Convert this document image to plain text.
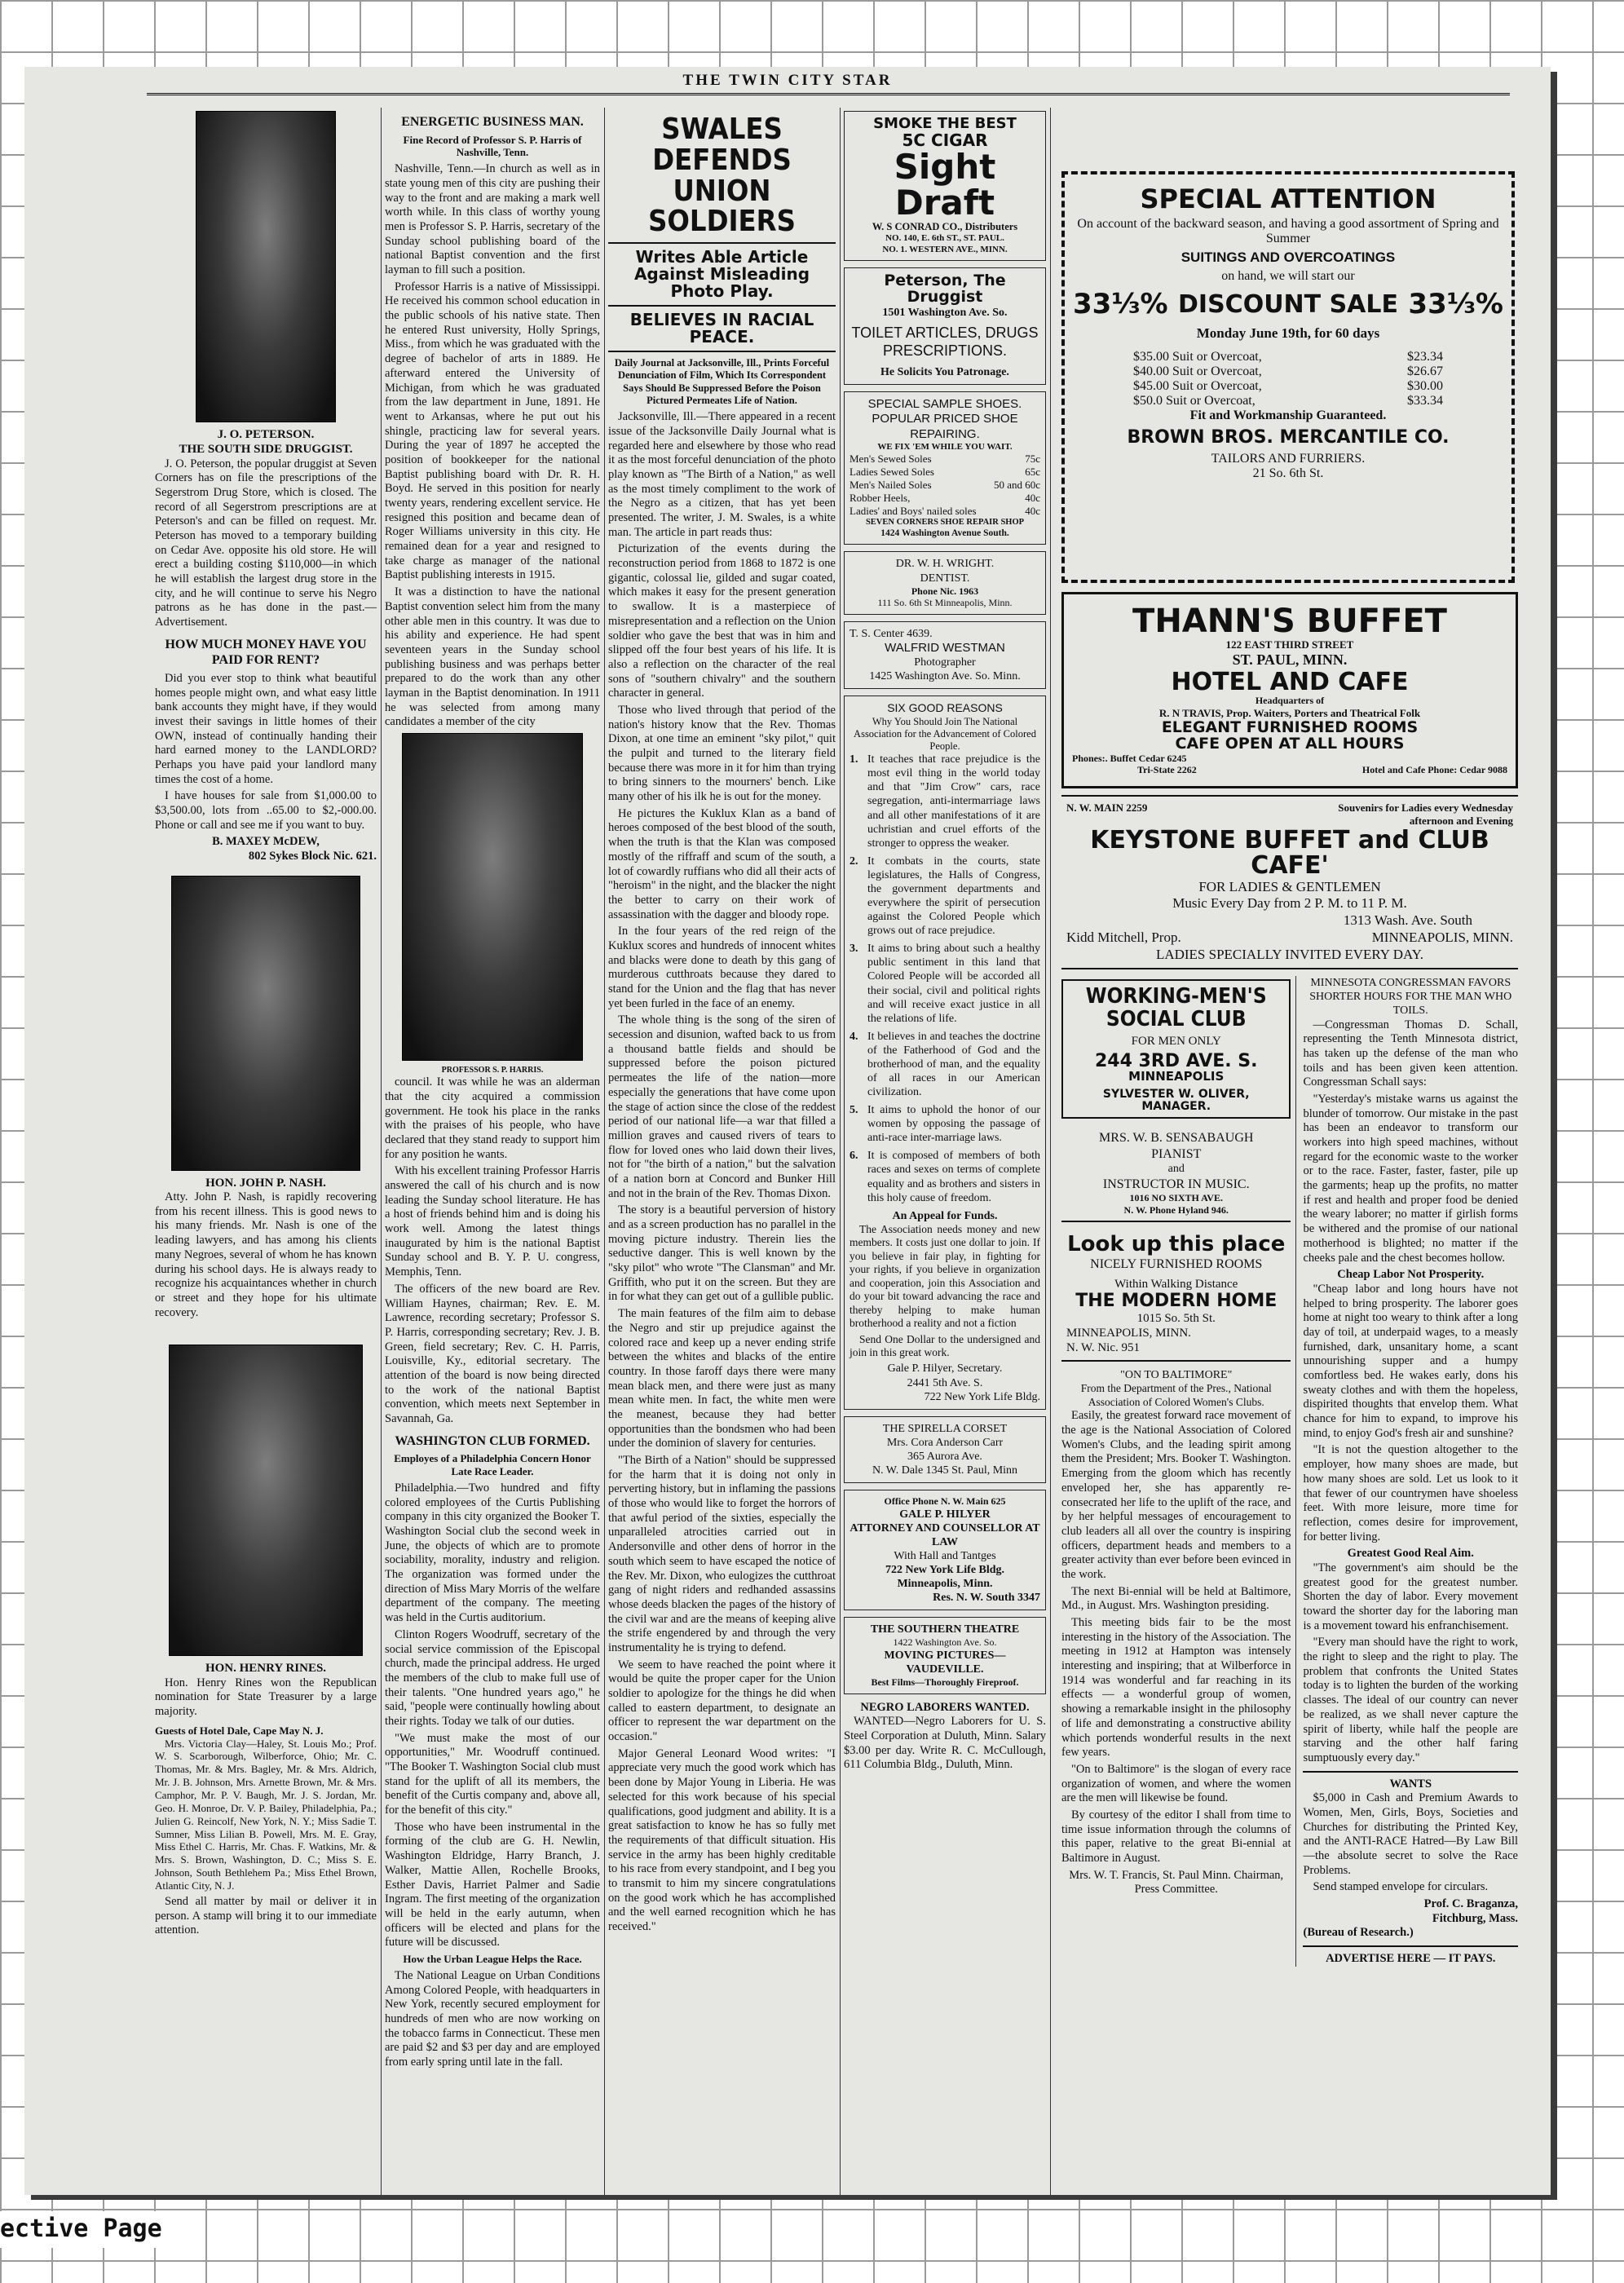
THE TWIN CITY STAR
J. O. PETERSON.
THE SOUTH SIDE DRUGGIST.

J. O. Peterson, the popular druggist at Seven Corners has on file the prescriptions of the Segerstrom Drug Store, which is closed. The record of all Segerstrom prescriptions are at Peterson's and can be filled on request. Mr. Peterson has moved to a temporary building on Cedar Ave. opposite his old store. He will erect a building costing $110,000—in which he will establish the largest drug store in the city, and he will continue to serve his Negro patrons as he has done in the past.—Advertisement.

HOW MUCH MONEY HAVE YOU PAID FOR RENT?

Did you ever stop to think what beautiful homes people might own, and what easy little bank accounts they might have, if they would invest their savings in little homes of their OWN, instead of continually handing their hard earned money to the LANDLORD? Perhaps you have paid your landlord many times the cost of a home.

I have houses for sale from $1,000.00 to $3,500.00, lots from ..65.00 to $2,-000.00. Phone or call and see me if you want to buy.

B. MAXEY McDEW,
802 Sykes Block Nic. 621.
HON. JOHN P. NASH.

Atty. John P. Nash, is rapidly recovering from his recent illness. This is good news to his many friends. Mr. Nash is one of the leading lawyers, and has among his clients many Negroes, several of whom he has known during his school days. He is always ready to recognize his acquaintances whether in church or street and they hope for his ultimate recovery.

HON. HENRY RINES.

Hon. Henry Rines won the Republican nomination for State Treasurer by a large majority.

Guests of Hotel Dale, Cape May N. J.

Mrs. Victoria Clay—Haley, St. Louis Mo.; Prof. W. S. Scarborough, Wilberforce, Ohio; Mr. C. Thomas, Mr. & Mrs. Bagley, Mr. & Mrs. Aldrich, Mr. J. B. Johnson, Mrs. Arnette Brown, Mr. & Mrs. Camphor, Mr. P. V. Baugh, Mr. J. S. Jordan, Mr. Geo. H. Monroe, Dr. V. P. Bailey, Philadelphia, Pa.; Julien G. Reincolf, New York, N. Y.; Miss Sadie T. Sumner, Miss Lilian B. Powell, Mrs. M. E. Gray, Miss Ethel C. Harris, Mr. Chas. F. Watkins, Mr. & Mrs. S. Brown, Washington, D. C.; Miss S. E. Johnson, South Bethlehem Pa.; Miss Ethel Brown, Atlantic City, N. J.

Send all matter by mail or deliver it in person. A stamp will bring it to our immediate attention.

ENERGETIC BUSINESS MAN.
Fine Record of Professor S. P. Harris of Nashville, Tenn.

Nashville, Tenn.—In church as well as in state young men of this city are pushing their way to the front and are making a mark well worth while. In this class of worthy young men is Professor S. P. Harris, secretary of the Sunday school publishing board of the national Baptist convention and the first layman to fill such a position.

Professor Harris is a native of Mississippi. He received his common school education in the public schools of his native state. Then he entered Rust university, Holly Springs, Miss., from which he was graduated with the degree of bachelor of arts in 1889. He afterward entered the University of Michigan, from which he was graduated from the law department in June, 1891. He went to Arkansas, where he put out his shingle, practicing law for several years. During the year of 1897 he accepted the position of bookkeeper for the national Baptist publishing board with Dr. R. H. Boyd. He served in this position for nearly twenty years, rendering excellent service. He resigned this position and became dean of Roger Williams university in this city. He remained dean for a year and resigned to take charge as manager of the national Baptist publishing interests in 1915.

It was a distinction to have the national Baptist convention select him from the many other able men in this country. It was due to his ability and experience. He had spent seventeen years in the Sunday school publishing business and was perhaps better prepared to do the work than any other layman in the Baptist denomination. In 1911 he was selected from among many candidates a member of the city

PROFESSOR S. P. HARRIS.

council. It was while he was an alderman that the city acquired a commission government. He took his place in the ranks with the praises of his people, who have declared that they stand ready to support him for any position he wants.

With his excellent training Professor Harris answered the call of his church and is now leading the Sunday school literature. He has a host of friends behind him and is doing his work well. Among the latest things inaugurated by him is the national Baptist Sunday school and B. Y. P. U. congress, Memphis, Tenn.

The officers of the new board are Rev. William Haynes, chairman; Rev. E. M. Lawrence, recording secretary; Professor S. P. Harris, corresponding secretary; Rev. J. B. Green, field secretary; Rev. C. H. Parris, Louisville, Ky., editorial secretary. The attention of the board is now being directed to the work of the national Baptist convention, which meets next September in Savannah, Ga.

WASHINGTON CLUB FORMED.
Employes of a Philadelphia Concern Honor Late Race Leader.

Philadelphia.—Two hundred and fifty colored employees of the Curtis Publishing company in this city organized the Booker T. Washington Social club the second week in June, the objects of which are to promote sociability, morality, industry and religion. The organization was formed under the direction of Miss Mary Morris of the welfare department of the company. The meeting was held in the Curtis auditorium.

Clinton Rogers Woodruff, secretary of the social service commission of the Episcopal church, made the principal address. He urged the members of the club to make full use of their talents. "One hundred years ago," he said, "people were continually howling about their rights. Today we talk of our duties.

"We must make the most of our opportunities," Mr. Woodruff continued. "The Booker T. Washington Social club must stand for the uplift of all its members, the benefit of the Curtis company and, above all, for the benefit of this city."

Those who have been instrumental in the forming of the club are G. H. Newlin, Washington Eldridge, Harry Branch, J. Walker, Mattie Allen, Rochelle Brooks, Esther Davis, Harriet Palmer and Sadie Ingram. The first meeting of the organization will be held in the early autumn, when officers will be elected and plans for the future will be discussed.

How the Urban League Helps the Race.

The National League on Urban Conditions Among Colored People, with headquarters in New York, recently secured employment for hundreds of men who are now working on the tobacco farms in Connecticut. These men are paid $2 and $3 per day and are employed from early spring until late in the fall.

SWALES DEFENDS UNION SOLDIERS
Writes Able Article Against Misleading Photo Play.
BELIEVES IN RACIAL PEACE.
Daily Journal at Jacksonville, Ill., Prints Forceful Denunciation of Film, Which Its Correspondent Says Should Be Suppressed Before the Poison Pictured Permeates Life of Nation.

Jacksonville, Ill.—There appeared in a recent issue of the Jacksonville Daily Journal what is regarded here and elsewhere by those who read it as the most forceful denunciation of the photo play known as "The Birth of a Nation," as well as the most timely compliment to the work of the Negro as a citizen, that has yet been presented. The writer, J. M. Swales, is a white man. The article in part reads thus:

Picturization of the events during the reconstruction period from 1868 to 1872 is one gigantic, colossal lie, gilded and sugar coated, which makes it easy for the present generation to swallow. It is a masterpiece of misrepresentation and a reflection on the Union soldier who gave the best that was in him and slipped off the four best years of his life. It is also a reflection on the character of the real sons of "southern chivalry" and the southern character in general.

Those who lived through that period of the nation's history know that the Rev. Thomas Dixon, at one time an eminent "sky pilot," quit the pulpit and turned to the literary field because there was more in it for him than trying to bring sinners to the mourners' bench. Like many other of his ilk he is out for the money.

He pictures the Kuklux Klan as a band of heroes composed of the best blood of the south, when the truth is that the Klan was composed mostly of the riffraff and scum of the south, a lot of cowardly ruffians who did all their acts of "heroism" in the night, and the blacker the night the better to carry on their work of assassination with the dagger and bloody rope.

In the four years of the red reign of the Kuklux scores and hundreds of innocent whites and blacks were done to death by this gang of murderous cutthroats because they dared to stand for the Union and the flag that has never yet been furled in the face of an enemy.

The whole thing is the song of the siren of secession and disunion, wafted back to us from a thousand battle fields and should be suppressed before the poison pictured permeates the life of the nation—more especially the generations that have come upon the stage of action since the close of the reddest period of our national life—a war that filled a million graves and caused rivers of tears to flow for loved ones who laid down their lives, not for "the birth of a nation," but the salvation of a nation born at Concord and Bunker Hill and not in the brain of the Rev. Thomas Dixon.

The story is a beautiful perversion of history and as a screen production has no parallel in the moving picture industry. Therein lies the seductive danger. This is well known by the "sky pilot" who wrote "The Clansman" and Mr. Griffith, who put it on the screen. But they are in for what they can get out of a gullible public.

The main features of the film aim to debase the Negro and stir up prejudice against the colored race and keep up a never ending strife between the whites and blacks of the entire country. In those faroff days there were many mean black men, and there were just as many mean white men. In fact, the white men were the meanest, because they had better opportunities than the bondsmen who had been under the dominion of slavery for centuries.

"The Birth of a Nation" should be suppressed for the harm that it is doing not only in perverting history, but in inflaming the passions of those who would like to forget the horrors of that awful period of the sixties, especially the unparalleled atrocities carried out in Andersonville and other dens of horror in the south which seem to have escaped the notice of the Rev. Mr. Dixon, who eulogizes the cutthroat gang of night riders and redhanded assassins whose deeds blacken the pages of the history of the civil war and are the means of keeping alive the strife engendered by and through the very instrumentality he is trying to defend.

We seem to have reached the point where it would be quite the proper caper for the Union soldier to apologize for the things he did when called to eastern department, to designate an officer to represent the war department on the occasion."

Major General Leonard Wood writes: "I appreciate very much the good work which has been done by Major Young in Liberia. He was selected for this work because of his special qualifications, good judgment and ability. It is a great satisfaction to know he has so fully met the requirements of that difficult situation. His service in the army has been highly creditable to his race from every standpoint, and I beg you to transmit to him my sincere congratulations on the good work which he has accomplished and the well earned recognition which he has received."

SMOKE THE BEST
5C CIGAR
Sight Draft
W. S CONRAD CO., Distributers
NO. 140, E. 6th ST., ST. PAUL.
NO. 1. WESTERN AVE., MINN.
Peterson, The Druggist
1501 Washington Ave. So.
TOILET ARTICLES, DRUGS PRESCRIPTIONS.
He Solicits You Patronage.
SPECIAL SAMPLE SHOES.
POPULAR PRICED SHOE REPAIRING.
WE FIX 'EM WHILE YOU WAIT.
Men's Sewed Soles	75c
Ladies Sewed Soles	65c
Men's Nailed Soles	50 and 60c
Robber Heels,	40c
Ladies' and Boys' nailed soles	40c
SEVEN CORNERS SHOE REPAIR SHOP
1424 Washington Avenue South.
DR. W. H. WRIGHT.
DENTIST.
Phone Nic. 1963
111 So. 6th St Minneapolis, Minn.
T. S. Center 4639.
WALFRID WESTMAN
Photographer
1425 Washington Ave. So. Minn.
SIX GOOD REASONS
Why You Should Join The National Association for the Advancement of Colored People.
1. It teaches that race prejudice is the most evil thing in the world today and that "Jim Crow" cars, race segregation, anti-intermarriage laws and all other manifestations of it are uchristian and cruel efforts of the stronger to oppress the weaker.
2. It combats in the courts, state legislatures, the Halls of Congress, the government departments and everywhere the spirit of persecution against the Colored People which grows out of race prejudice.
3. It aims to bring about such a healthy public sentiment in this land that Colored People will be accorded all their social, civil and political rights and will receive exact justice in all the relations of life.
4. It believes in and teaches the doctrine of the Fatherhood of God and the brotherhood of man, and the equality of all races in our American civilization.
5. It aims to uphold the honor of our women by opposing the passage of anti-race inter-marriage laws.
6. It is composed of members of both races and sexes on terms of complete equality and as brothers and sisters in this holy cause of freedom.
An Appeal for Funds.

The Association needs money and new members. It costs just one dollar to join. If you believe in fair play, in fighting for your rights, if you believe in organization and cooperation, join this Association and do your bit toward advancing the race and thereby helping to make human brotherhood a reality and not a fiction

Send One Dollar to the undersigned and join in this great work.

Gale P. Hilyer, Secretary.
2441 5th Ave. S.
722 New York Life Bldg.
THE SPIRELLA CORSET
Mrs. Cora Anderson Carr
365 Aurora Ave.
N. W. Dale 1345 St. Paul, Minn
Office Phone N. W. Main 625
GALE P. HILYER
ATTORNEY AND COUNSELLOR AT LAW
With Hall and Tantges
722 New York Life Bldg.
Minneapolis, Minn.
Res. N. W. South 3347
THE SOUTHERN THEATRE
1422 Washington Ave. So.
MOVING PICTURES—VAUDEVILLE.
Best Films—Thoroughly Fireproof.
NEGRO LABORERS WANTED.

WANTED—Negro Laborers for U. S. Steel Corporation at Duluth, Minn. Salary $3.00 per day. Write R. C. McCullough, 611 Columbia Bldg., Duluth, Minn.

SPECIAL ATTENTION
On account of the backward season, and having a good assortment of Spring and Summer
SUITINGS AND OVERCOATINGS
on hand, we will start our
33⅓% DISCOUNT SALE 33⅓%
Monday June 19th, for 60 days
$35.00 Suit or Overcoat,	$23.34
$40.00 Suit or Overcoat,	$26.67
$45.00 Suit or Overcoat,	$30.00
$50.0 Suit or Overcoat,	$33.34
Fit and Workmanship Guaranteed.
BROWN BROS. MERCANTILE CO.
TAILORS AND FURRIERS.
21 So. 6th St.
THANN'S BUFFET
122 EAST THIRD STREET
ST. PAUL, MINN.
HOTEL AND CAFE
Headquarters of
R. N TRAVIS, Prop. Waiters, Porters and Theatrical Folk
ELEGANT FURNISHED ROOMS
CAFE OPEN AT ALL HOURS
Phones:. Buffet Cedar 6245
Tri-State 2262	Hotel and Cafe Phone: Cedar 9088
N. W. MAIN 2259	Souvenirs for Ladies every Wednesday afternoon and Evening
KEYSTONE BUFFET and CLUB CAFE'
FOR LADIES & GENTLEMEN
Music Every Day from 2 P. M. to 11 P. M.
1313 Wash. Ave. South
Kidd Mitchell, Prop.	MINNEAPOLIS, MINN.
LADIES SPECIALLY INVITED EVERY DAY.
WORKING-MEN'S SOCIAL CLUB
FOR MEN ONLY
244 3RD AVE. S.
MINNEAPOLIS
SYLVESTER W. OLIVER, MANAGER.
MRS. W. B. SENSABAUGH
PIANIST
and
INSTRUCTOR IN MUSIC.
1016 NO SIXTH AVE.
N. W. Phone Hyland 946.
Look up this place
NICELY FURNISHED ROOMS
Within Walking Distance
THE MODERN HOME
1015 So. 5th St.
MINNEAPOLIS, MINN.
N. W. Nic. 951
"ON TO BALTIMORE"
From the Department of the Pres., National Association of Colored Women's Clubs.

Easily, the greatest forward race movement of the age is the National Association of Colored Women's Clubs, and the leading spirit among them the President; Mrs. Booker T. Washington. Emerging from the gloom which has recently enveloped her, she has apparently re-consecrated her life to the uplift of the race, and by her helpful messages of encouragement to club leaders all all over the country is inspiring officers, department heads and members to a greater activity than ever before been evinced in the work.

The next Bi-ennial will be held at Baltimore, Md., in August. Mrs. Washington presiding.

This meeting bids fair to be the most interesting in the history of the Association. The meeting in 1912 at Hampton was intensely interesting and inspiring; that at Wilberforce in 1914 was wonderful and far reaching in its effects — a wonderful group of women, showing a remarkable insight in the philosophy of life and demonstrating a constructive ability which portends wonderful results in the next few years.

"On to Baltimore" is the slogan of every race organization of women, and where the women are the men will likewise be found.

By courtesy of the editor I shall from time to time issue information through the columns of this paper, relative to the great Bi-ennial at Baltimore in August.

Mrs. W. T. Francis, St. Paul Minn. Chairman, Press Committee.
MINNESOTA CONGRESSMAN FAVORS SHORTER HOURS FOR THE MAN WHO TOILS.

—Congressman Thomas D. Schall, representing the Tenth Minnesota district, has taken up the defense of the man who toils and has been given keen attention. Congressman Schall says:

"Yesterday's mistake warns us against the blunder of tomorrow. Our mistake in the past has been an endeavor to transform our workers into high speed machines, without regard for the economic waste to the worker or to the race. Faster, faster, faster, pile up the garments; heap up the profits, no matter if rest and health and proper food be denied the weary laborer; no matter if girlish forms be withered and the promise of our national motherhood is blighted; no matter if the cheeks pale and the chest becomes hollow.

Cheap Labor Not Prosperity.

"Cheap labor and long hours have not helped to bring prosperity. The laborer goes home at night too weary to think after a long day of toil, at underpaid wages, to a measly furnished, dark, unsanitary home, a scant unnourishing supper and a humpy comfortless bed. He wakes early, dons his sweaty clothes and with them the hopeless, dispirited thoughts that envelop them. What chance for him to expand, to improve his mind, to enjoy God's fresh air and sunshine?

"It is not the question altogether to the employer, how many shoes are made, but how many shoes are sold. Let us look to it that fewer of our countrymen have shoeless feet. With more leisure, more time for reflection, comes desire for improvement, for better living.

Greatest Good Real Aim.

"The government's aim should be the greatest good for the greatest number. Shorten the day of labor. Every movement toward the shorter day for the laboring man is a movement toward his enfranchisement.

"Every man should have the right to work, the right to sleep and the right to play. The problem that confronts the United States today is to lighten the burden of the working classes. The ideal of our country can never be realized, as we shall never capture the spirit of liberty, while half the people are starving and the other half faring sumptuously every day."

WANTS

$5,000 in Cash and Premium Awards to Women, Men, Girls, Boys, Societies and Churches for distributing the Printed Key, and the ANTI-RACE Hatred—By Law Bill—the absolute secret to solve the Race Problems.

Send stamped envelope for circulars.

Prof. C. Braganza,
Fitchburg, Mass.
(Bureau of Research.)
ADVERTISE HERE — IT PAYS.
ective Page
